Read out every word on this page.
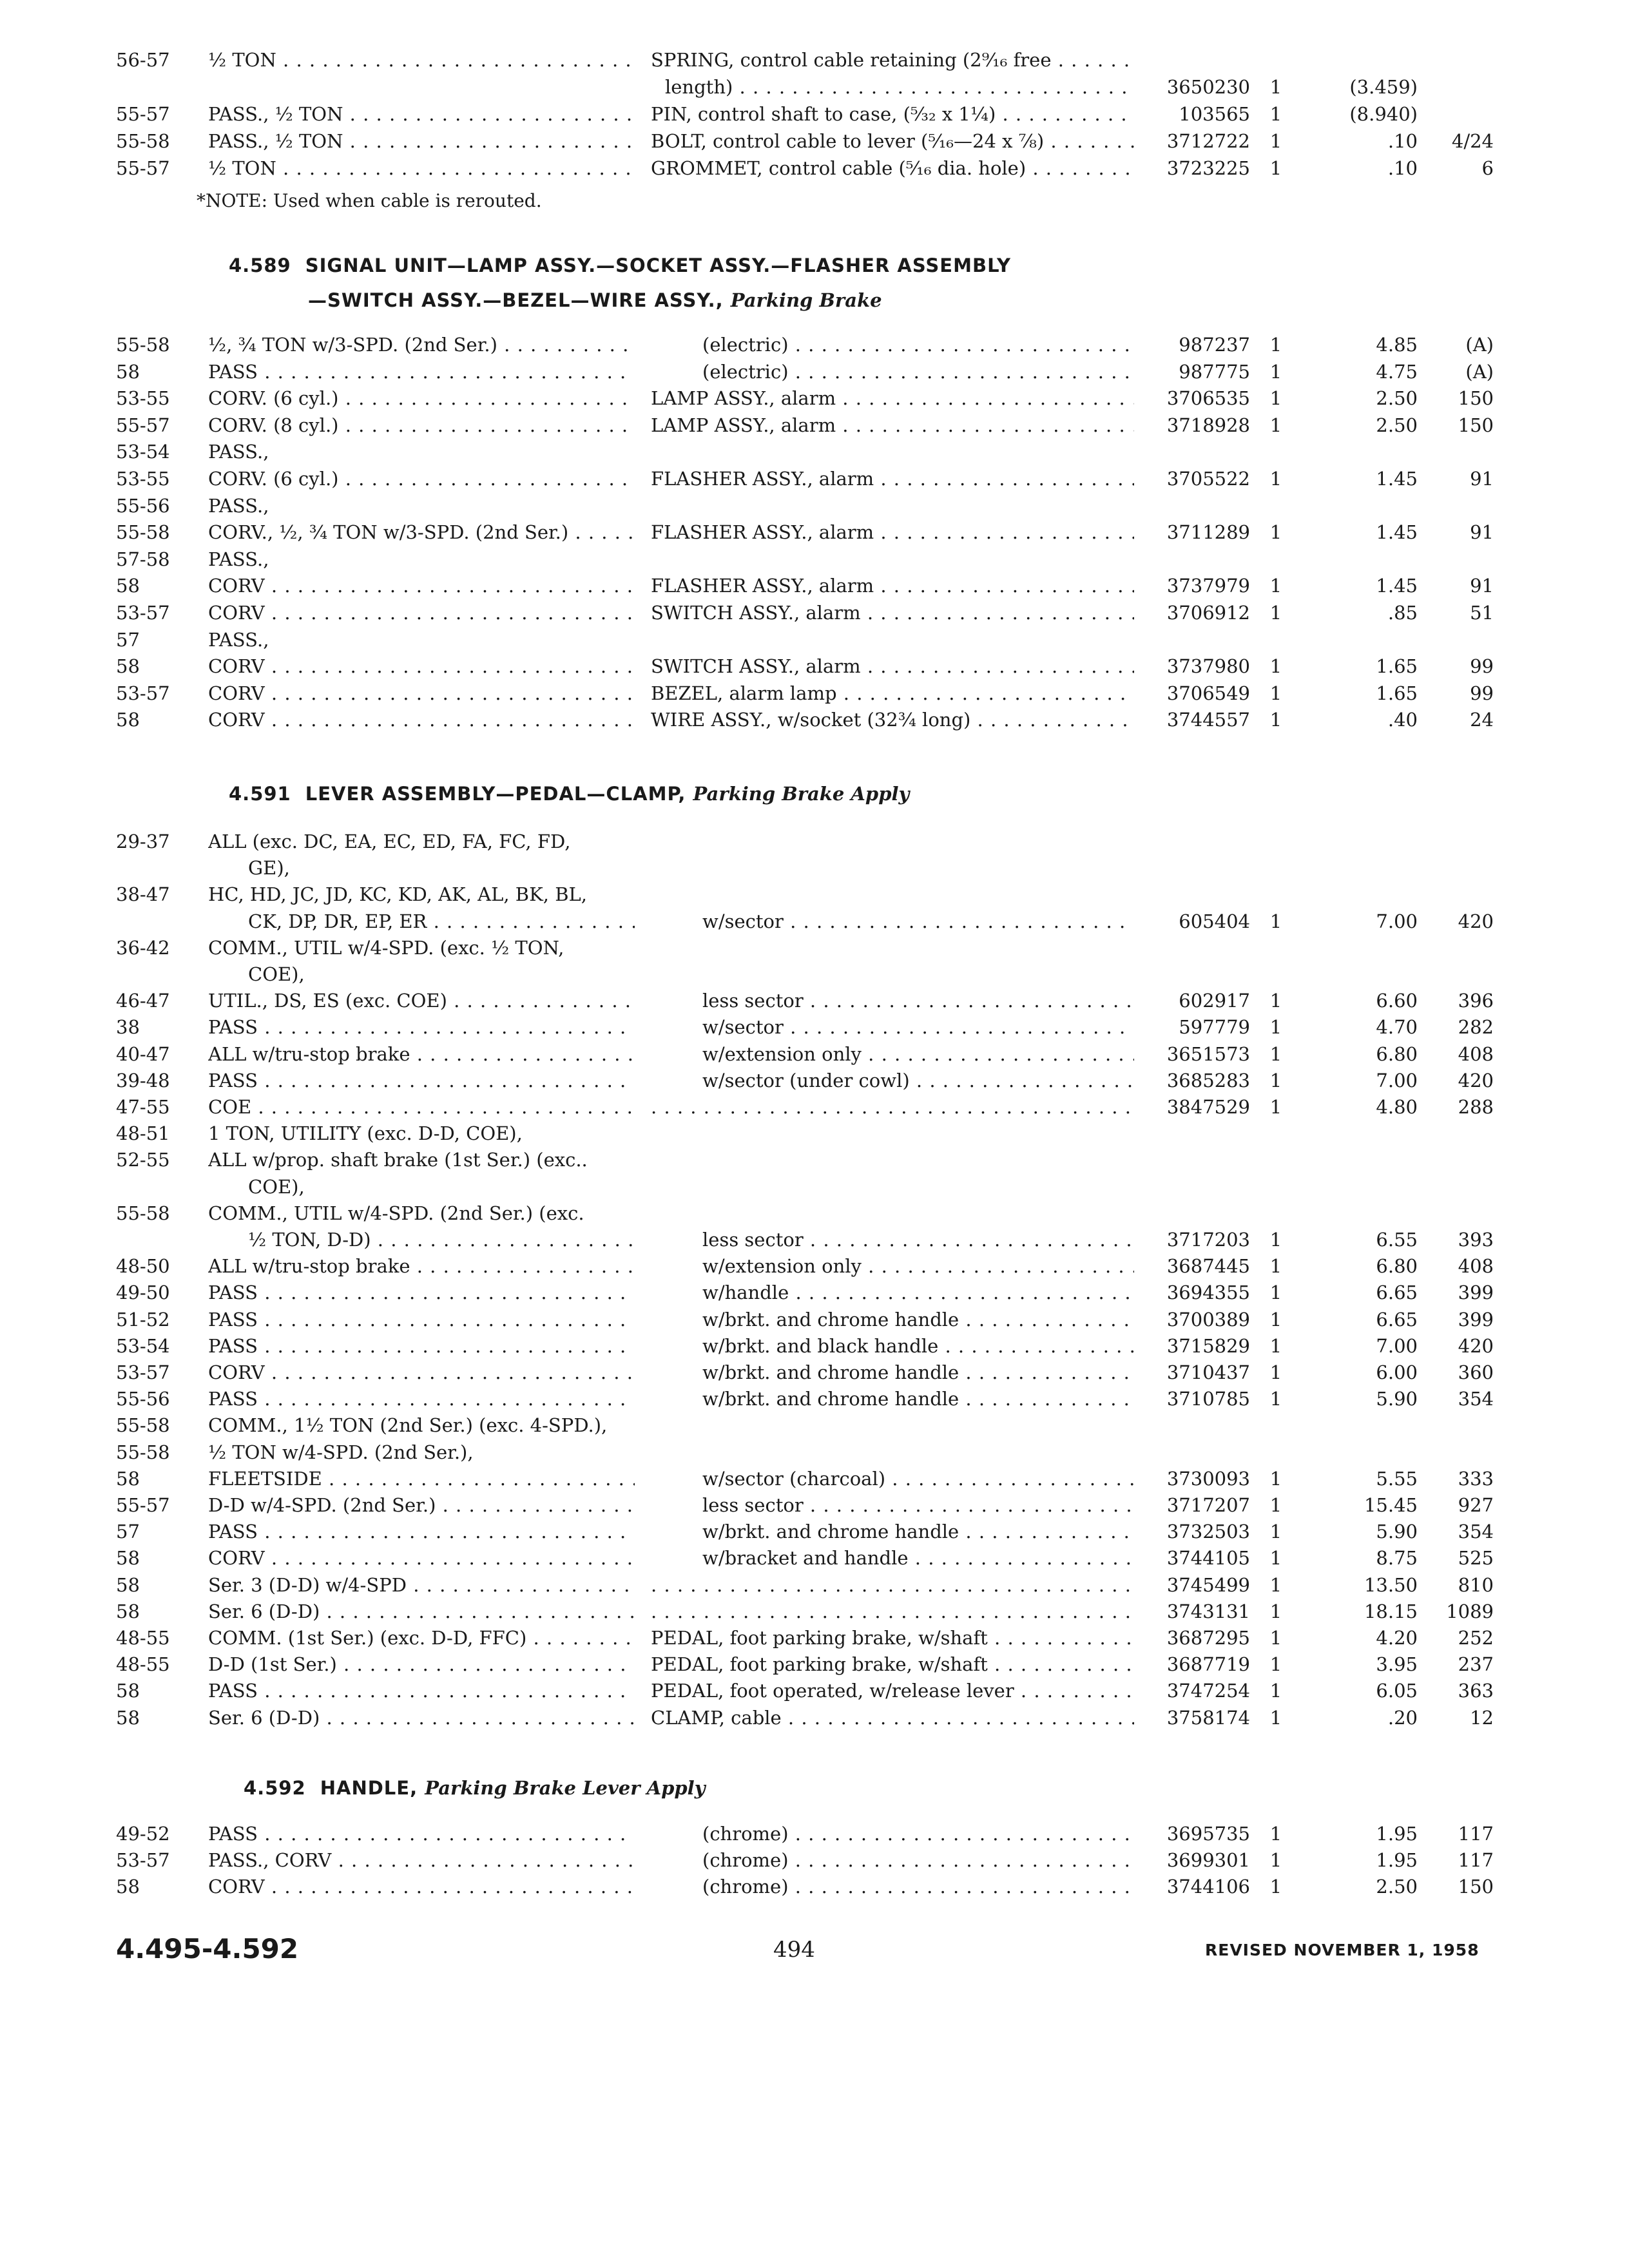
56-57	½ TON . . .	SPRING, control cable retaining (2⁹⁄₁₆ free . . .
length) . . .	3650230	1	(3.459)
55-57	PASS., ½ TON . . .	PIN, control shaft to case, (⁵⁄₃₂ x 1¼) . . .	103565	1	(8.940)
55-58	PASS., ½ TON . . .	BOLT, control cable to lever (⁵⁄₁₆—24 x ⅞) . . .	3712722	1	.10	4/24
55-57	½ TON . . .	GROMMET, control cable (⁵⁄₁₆ dia. hole) . . .	3723225	1	.10	6
*NOTE: Used when cable is rerouted.
4.589 SIGNAL UNIT—LAMP ASSY.—SOCKET ASSY.—FLASHER ASSEMBLY
—SWITCH ASSY.—BEZEL—WIRE ASSY., Parking Brake
55-58	½, ¾ TON w/3-SPD. (2nd Ser.) . . .	(electric) . . .	987237	1	4.85	(A)
58	PASS . . .	(electric) . . .	987775	1	4.75	(A)
53-55	CORV. (6 cyl.) . . .	LAMP ASSY., alarm . . .	3706535	1	2.50	150
55-57	CORV. (8 cyl.) . . .	LAMP ASSY., alarm . . .	3718928	1	2.50	150
53-54	PASS.,
53-55	CORV. (6 cyl.) . . .	FLASHER ASSY., alarm . . .	3705522	1	1.45	91
55-56	PASS.,
55-58	CORV., ½, ¾ TON w/3-SPD. (2nd Ser.) . . .	FLASHER ASSY., alarm . . .	3711289	1	1.45	91
57-58	PASS.,
58	CORV . . .	FLASHER ASSY., alarm . . .	3737979	1	1.45	91
53-57	CORV . . .	SWITCH ASSY., alarm . . .	3706912	1	.85	51
57	PASS.,
58	CORV . . .	SWITCH ASSY., alarm . . .	3737980	1	1.65	99
53-57	CORV . . .	BEZEL, alarm lamp . . .	3706549	1	1.65	99
58	CORV . . .	WIRE ASSY., w/socket (32¾ long) . . .	3744557	1	.40	24
4.591 LEVER ASSEMBLY—PEDAL—CLAMP, Parking Brake Apply
29-37	ALL (exc. DC, EA, EC, ED, FA, FC, FD,
GE),
38-47	HC, HD, JC, JD, KC, KD, AK, AL, BK, BL,
CK, DP, DR, EP, ER . . .	w/sector . . .	605404	1	7.00	420
36-42	COMM., UTIL w/4-SPD. (exc. ½ TON,
COE),
46-47	UTIL., DS, ES (exc. COE) . . .	less sector . . .	602917	1	6.60	396
38	PASS . . .	w/sector . . .	597779	1	4.70	282
40-47	ALL w/tru-stop brake . . .	w/extension only . . .	3651573	1	6.80	408
39-48	PASS . . .	w/sector (under cowl) . . .	3685283	1	7.00	420
47-55	COE . . . . . .	3847529	1	4.80	288
48-51	1 TON, UTILITY (exc. D-D, COE),
52-55	ALL w/prop. shaft brake (1st Ser.) (exc..
COE),
55-58	COMM., UTIL w/4-SPD. (2nd Ser.) (exc.
½ TON, D-D) . . .	less sector . . .	3717203	1	6.55	393
48-50	ALL w/tru-stop brake . . .	w/extension only . . .	3687445	1	6.80	408
49-50	PASS . . .	w/handle . . .	3694355	1	6.65	399
51-52	PASS . . .	w/brkt. and chrome handle . . .	3700389	1	6.65	399
53-54	PASS . . .	w/brkt. and black handle . . .	3715829	1	7.00	420
53-57	CORV . . .	w/brkt. and chrome handle . . .	3710437	1	6.00	360
55-56	PASS . . .	w/brkt. and chrome handle . . .	3710785	1	5.90	354
55-58	COMM., 1½ TON (2nd Ser.) (exc. 4-SPD.),
55-58	½ TON w/4-SPD. (2nd Ser.),
58	FLEETSIDE . . .	w/sector (charcoal) . . .	3730093	1	5.55	333
55-57	D-D w/4-SPD. (2nd Ser.) . . .	less sector . . .	3717207	1	15.45	927
57	PASS . . .	w/brkt. and chrome handle . . .	3732503	1	5.90	354
58	CORV . . .	w/bracket and handle . . .	3744105	1	8.75	525
58	Ser. 3 (D-D) w/4-SPD . . . . . .	3745499	1	13.50	810
58	Ser. 6 (D-D) . . . . . .	3743131	1	18.15	1089
48-55	COMM. (1st Ser.) (exc. D-D, FFC) . . .	PEDAL, foot parking brake, w/shaft . . .	3687295	1	4.20	252
48-55	D-D (1st Ser.) . . .	PEDAL, foot parking brake, w/shaft . . .	3687719	1	3.95	237
58	PASS . . .	PEDAL, foot operated, w/release lever . . .	3747254	1	6.05	363
58	Ser. 6 (D-D) . . .	CLAMP, cable . . .	3758174	1	.20	12
4.592 HANDLE, Parking Brake Lever Apply
49-52	PASS . . .	(chrome) . . .	3695735	1	1.95	117
53-57	PASS., CORV . . .	(chrome) . . .	3699301	1	1.95	117
58	CORV . . .	(chrome) . . .	3744106	1	2.50	150
4.495-4.592	494	REVISED NOVEMBER 1, 1958
